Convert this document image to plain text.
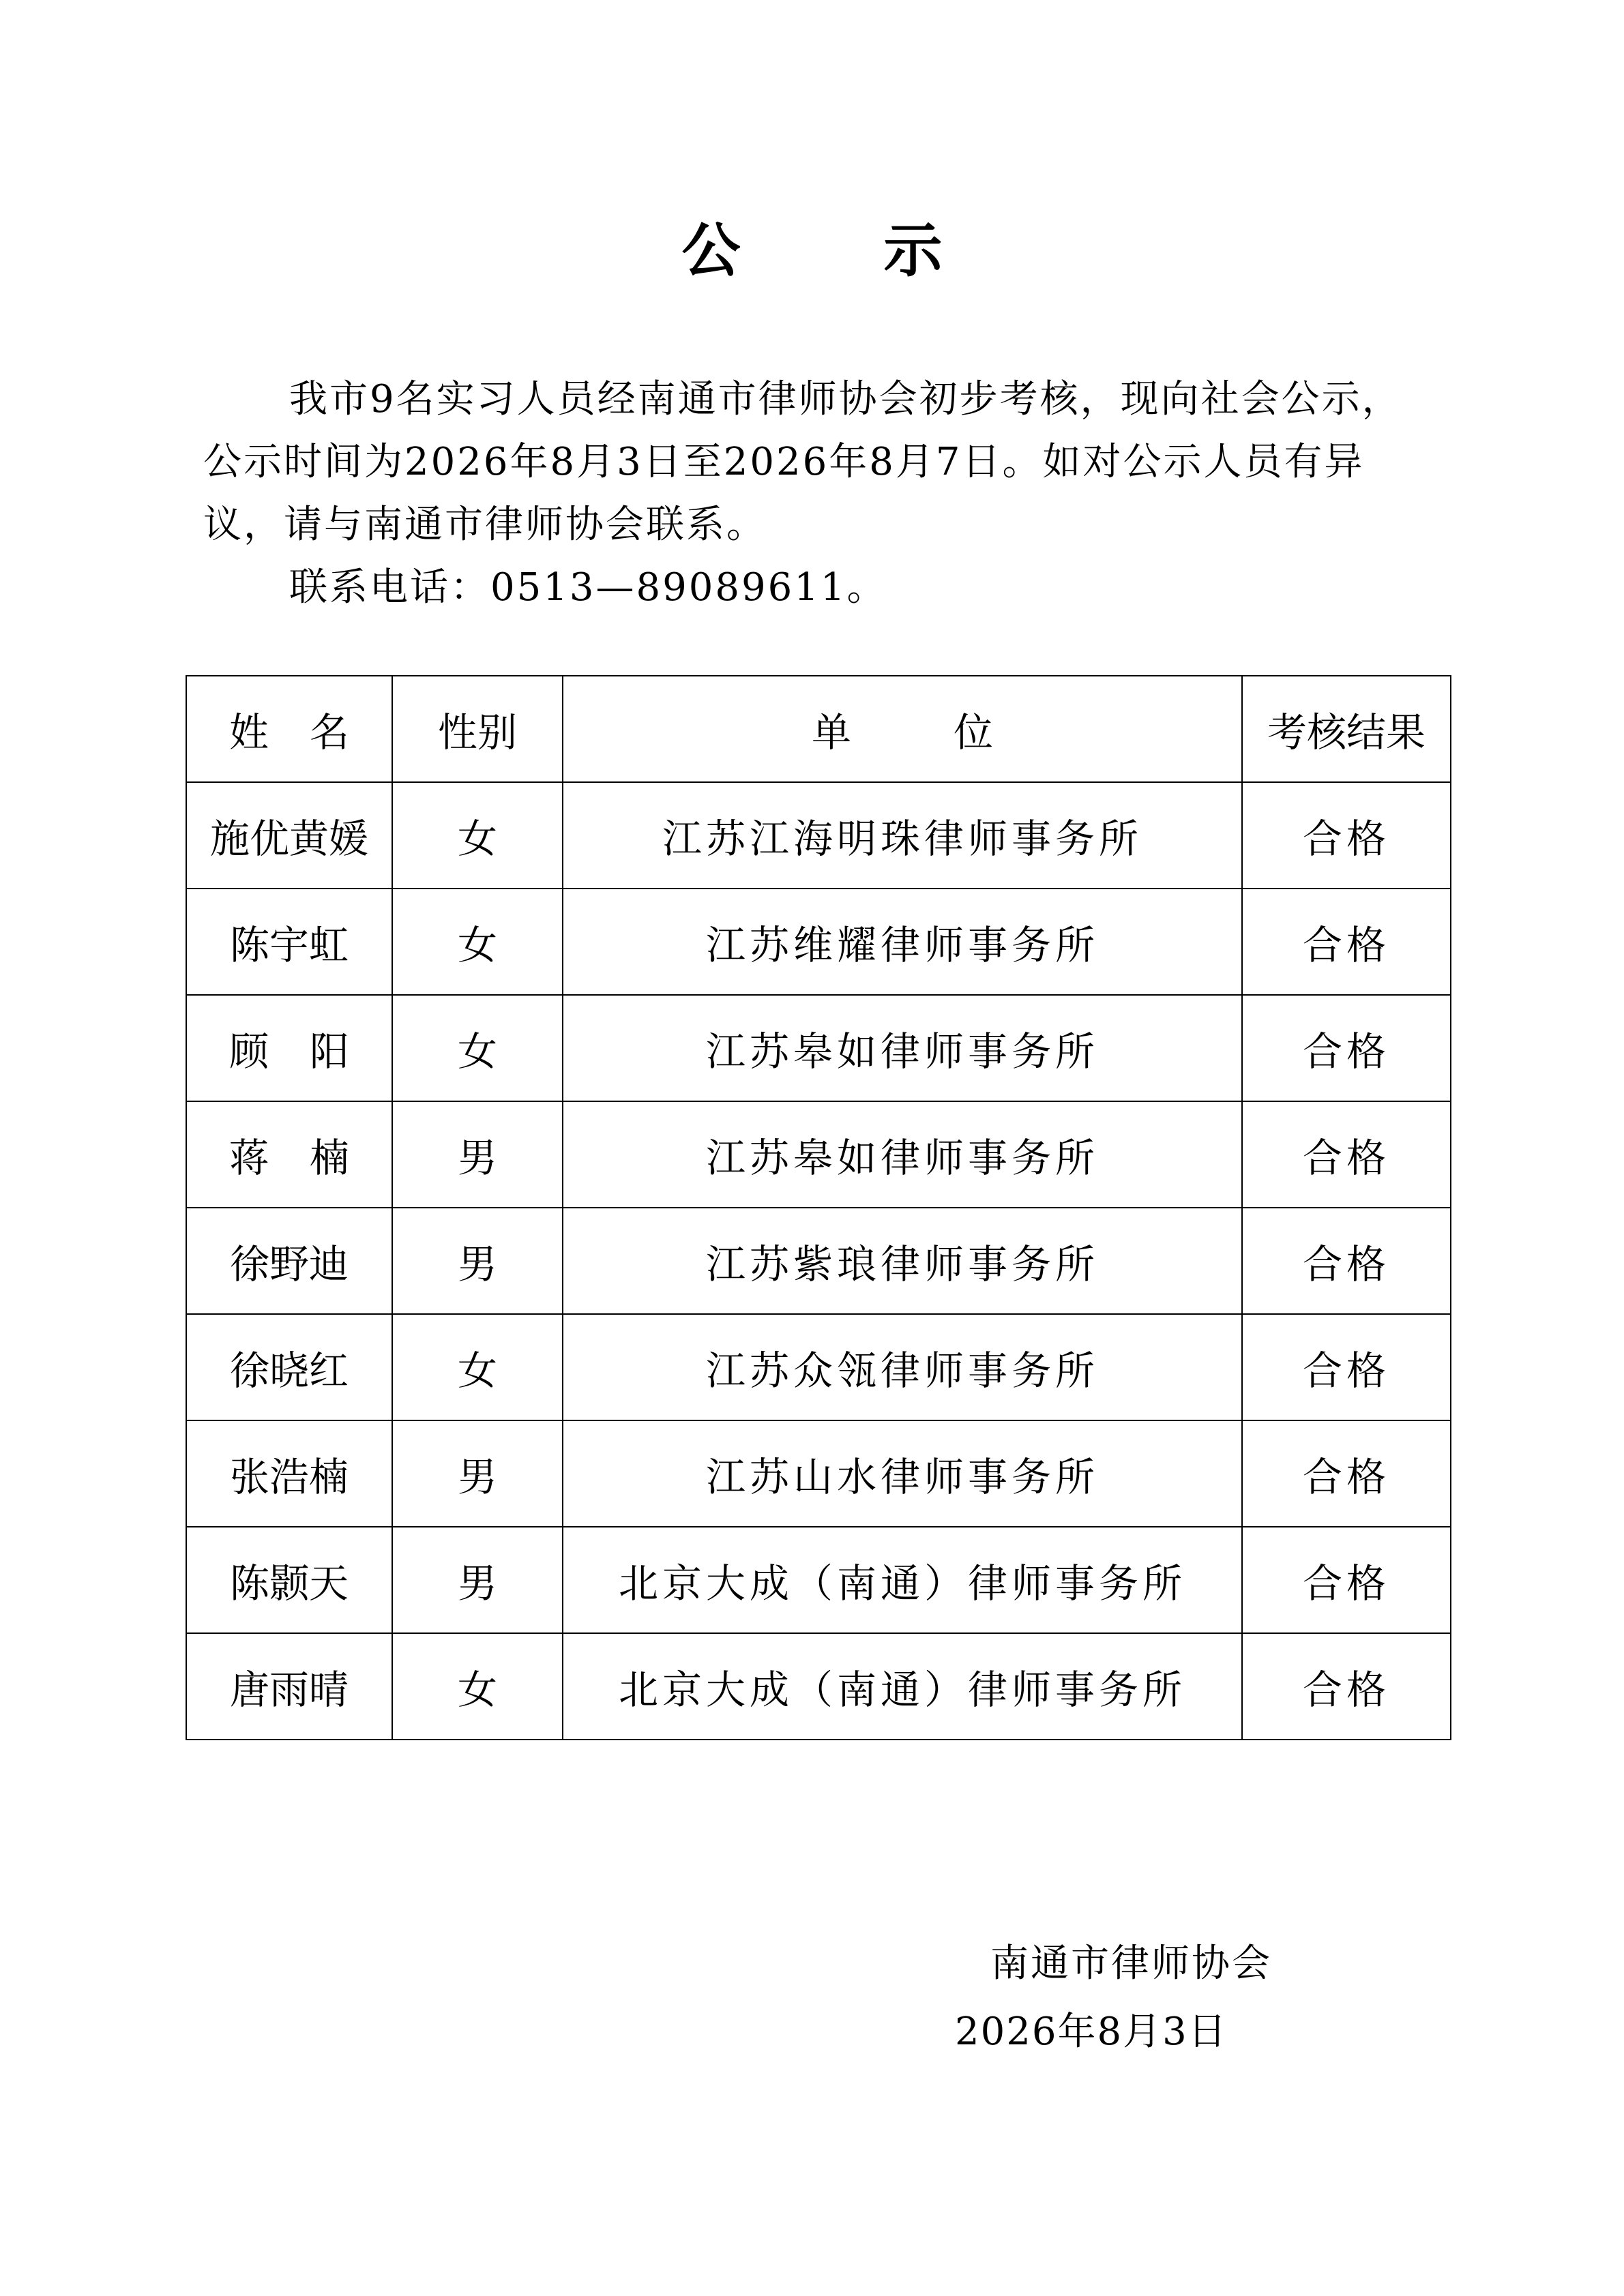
公 示

我市9名实习人员经南通市律师协会初步考核，现向社会公示，公示时间为2026年8月3日至2026年8月7日。如对公示人员有异议，请与南通市律师协会联系。

联系电话：0513—89089611。

姓名	性别	单位	考核结果
施优黄媛	女	江苏江海明珠律师事务所	合格
陈宇虹	女	江苏维耀律师事务所	合格
顾阳	女	江苏皋如律师事务所	合格
蒋楠	男	江苏皋如律师事务所	合格
徐野迪	男	江苏紫琅律师事务所	合格
徐晓红	女	江苏众瓴律师事务所	合格
张浩楠	男	江苏山水律师事务所	合格
陈颢天	男	北京大成（南通）律师事务所	合格
唐雨晴	女	北京大成（南通）律师事务所	合格
南通市律师协会
2026年8月3日
